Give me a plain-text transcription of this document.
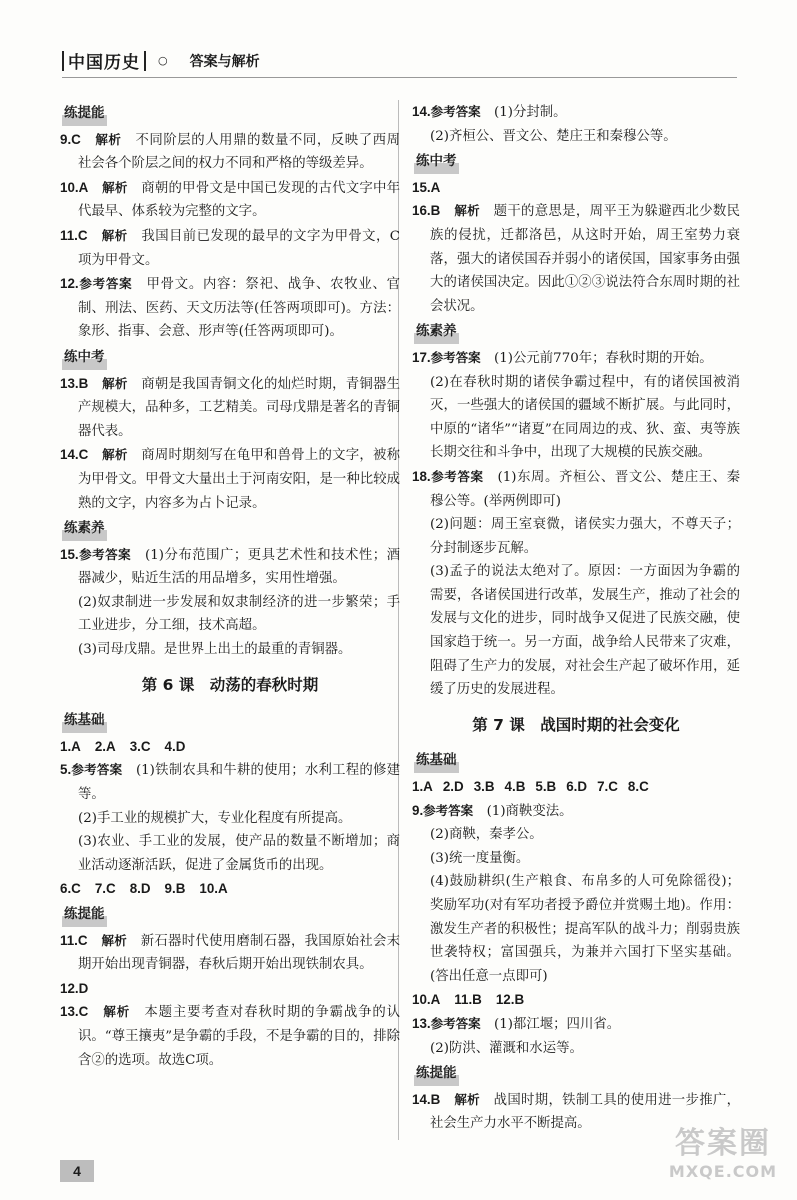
中国历史 ○	答案与解析
练提能
9.C　 解析　 不同阶层的人用鼎的数量不同，反映了西周社会各个阶层之间的权力不同和严格的等级差异。
10.A　 解析　 商朝的甲骨文是中国已发现的古代文字中年代最早、体系较为完整的文字。
11.C　 解析　 我国目前已发现的最早的文字为甲骨文，C项为甲骨文。
12.参考答案　 甲骨文。内容：祭祀、战争、农牧业、官制、刑法、医药、天文历法等(任答两项即可)。方法：象形、指事、会意、形声等(任答两项即可)。
练中考
13.B　 解析　 商朝是我国青铜文化的灿烂时期，青铜器生产规模大，品种多，工艺精美。司母戊鼎是著名的青铜器代表。
14.C　 解析　 商周时期刻写在龟甲和兽骨上的文字，被称为甲骨文。甲骨文大量出土于河南安阳，是一种比较成熟的文字，内容多为占卜记录。
练素养
15.参考答案　 (1)分布范围广；更具艺术性和技术性；酒器减少，贴近生活的用品增多，实用性增强。
(2)奴隶制进一步发展和奴隶制经济的进一步繁荣；手工业进步，分工细，技术高超。
(3)司母戊鼎。是世界上出土的最重的青铜器。
第 6 课　动荡的春秋时期
练基础
1.A 2.A 3.C 4.D
5.参考答案　 (1)铁制农具和牛耕的使用；水利工程的修建等。
(2)手工业的规模扩大，专业化程度有所提高。
(3)农业、手工业的发展，使产品的数量不断增加；商业活动逐渐活跃，促进了金属货币的出现。
6.C 7.C 8.D 9.B 10.A
练提能
11.C　 解析　 新石器时代使用磨制石器，我国原始社会末期开始出现青铜器，春秋后期开始出现铁制农具。
12.D
13.C　 解析　 本题主要考查对春秋时期的争霸战争的认识。“尊王攘夷”是争霸的手段，不是争霸的目的，排除含②的选项。故选C项。
14.参考答案　 (1)分封制。
(2)齐桓公、晋文公、楚庄王和秦穆公等。
练中考
15.A
16.B　 解析　 题干的意思是，周平王为躲避西北少数民族的侵扰，迁都洛邑，从这时开始，周王室势力衰落，强大的诸侯国吞并弱小的诸侯国，国家事务由强大的诸侯国决定。因此①②③说法符合东周时期的社会状况。
练素养
17.参考答案　 (1)公元前770年；春秋时期的开始。
(2)在春秋时期的诸侯争霸过程中，有的诸侯国被消灭，一些强大的诸侯国的疆域不断扩展。与此同时，中原的“诸华”“诸夏”在同周边的戎、狄、蛮、夷等族长期交往和斗争中，出现了大规模的民族交融。
18.参考答案　 (1)东周。齐桓公、晋文公、楚庄王、秦穆公等。(举两例即可)
(2)问题：周王室衰微，诸侯实力强大，不尊天子；分封制逐步瓦解。
(3)孟子的说法太绝对了。原因：一方面因为争霸的需要，各诸侯国进行改革，发展生产，推动了社会的发展与文化的进步，同时战争又促进了民族交融，使国家趋于统一。另一方面，战争给人民带来了灾难，阻碍了生产力的发展，对社会生产起了破坏作用，延缓了历史的发展进程。
第 7 课　战国时期的社会变化
练基础
1.A 2.D 3.B 4.B 5.B 6.D 7.C 8.C
9.参考答案　 (1)商鞅变法。
(2)商鞅，秦孝公。
(3)统一度量衡。
(4)鼓励耕织(生产粮食、布帛多的人可免除徭役)；奖励军功(对有军功者授予爵位并赏赐土地)。作用：激发生产者的积极性；提高军队的战斗力；削弱贵族世袭特权；富国强兵，为兼并六国打下坚实基础。(答出任意一点即可)
10.A 11.B 12.B
13.参考答案　 (1)都江堰；四川省。
(2)防洪、灌溉和水运等。
练提能
14.B　 解析　 战国时期，铁制工具的使用进一步推广，社会生产力水平不断提高。
4
答案圈
MXQE.COM
